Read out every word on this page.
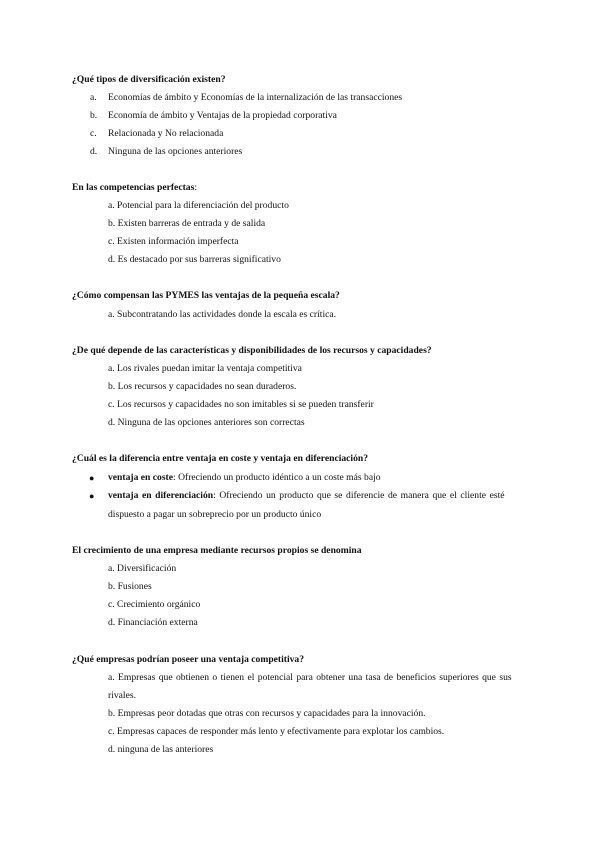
¿Qué tipos de diversificación existen?
a. Economías de ámbito y Economías de la internalización de las transacciones
b. Economía de ámbito y Ventajas de la propiedad corporativa
c. Relacionada y No relacionada
d. Ninguna de las opciones anteriores
En las competencias perfectas:
a. Potencial para la diferenciación del producto
b. Existen barreras de entrada y de salida
c. Existen información imperfecta
d. Es destacado por sus barreras significativo
¿Cómo compensan las PYMES las ventajas de la pequeña escala?
a. Subcontratando las actividades donde la escala es crítica.
¿De qué depende de las características y disponibilidades de los recursos y capacidades?
a. Los rivales puedan imitar la ventaja competitiva
b. Los recursos y capacidades no sean duraderos.
c. Los recursos y capacidades no son imitables si se pueden transferir
d. Ninguna de las opciones anteriores son correctas
¿Cuál es la diferencia entre ventaja en coste y ventaja en diferenciación?
● ventaja en coste: Ofreciendo un producto idéntico a un coste más bajo
● ventaja en diferenciación: Ofreciendo un producto que se diferencie de manera que el cliente esté
dispuesto a pagar un sobreprecio por un producto único
El crecimiento de una empresa mediante recursos propios se denomina
a. Diversificación
b. Fusiones
c. Crecimiento orgánico
d. Financiación externa
¿Qué empresas podrían poseer una ventaja competitiva?
a. Empresas que obtienen o tienen el potencial para obtener una tasa de beneficios superiores que sus
rivales.
b. Empresas peor dotadas que otras con recursos y capacidades para la innovación.
c. Empresas capaces de responder más lento y efectivamente para explotar los cambios.
d. ninguna de las anteriores
